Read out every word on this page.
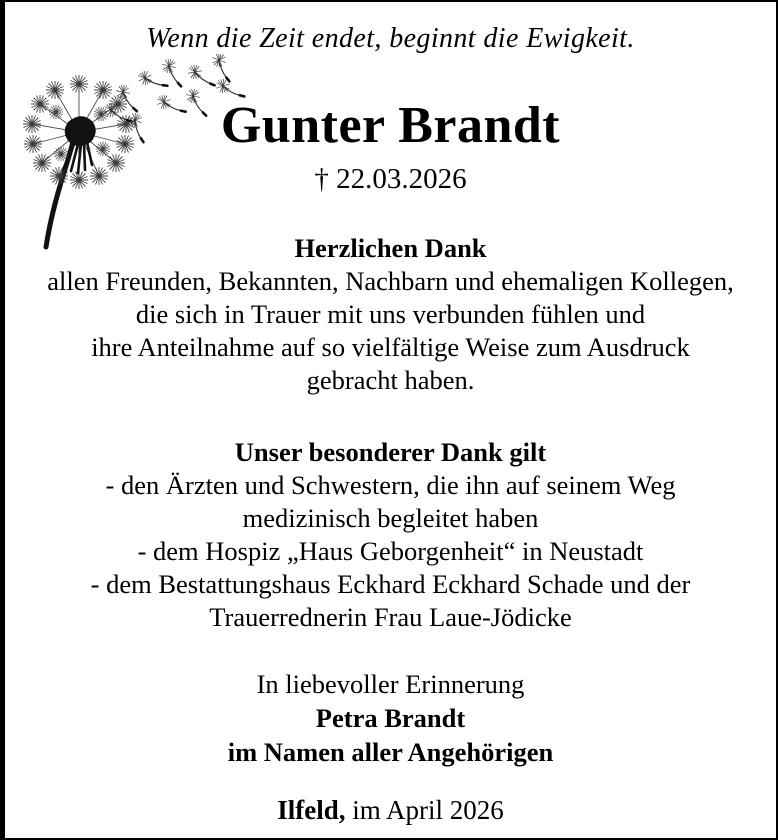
Wenn die Zeit endet, beginnt die Ewigkeit.
Gunter Brandt
† 22.03.2026
Herzlichen Dank
allen Freunden, Bekannten, Nachbarn und ehemaligen Kollegen,
die sich in Trauer mit uns verbunden fühlen und
ihre Anteilnahme auf so vielfältige Weise zum Ausdruck
gebracht haben.
Unser besonderer Dank gilt
- den Ärzten und Schwestern, die ihn auf seinem Weg
medizinisch begleitet haben
- dem Hospiz „Haus Geborgenheit“ in Neustadt
- dem Bestattungshaus Eckhard Eckhard Schade und der
Trauerrednerin Frau Laue-Jödicke
In liebevoller Erinnerung
Petra Brandt
im Namen aller Angehörigen
Ilfeld, im April 2026
